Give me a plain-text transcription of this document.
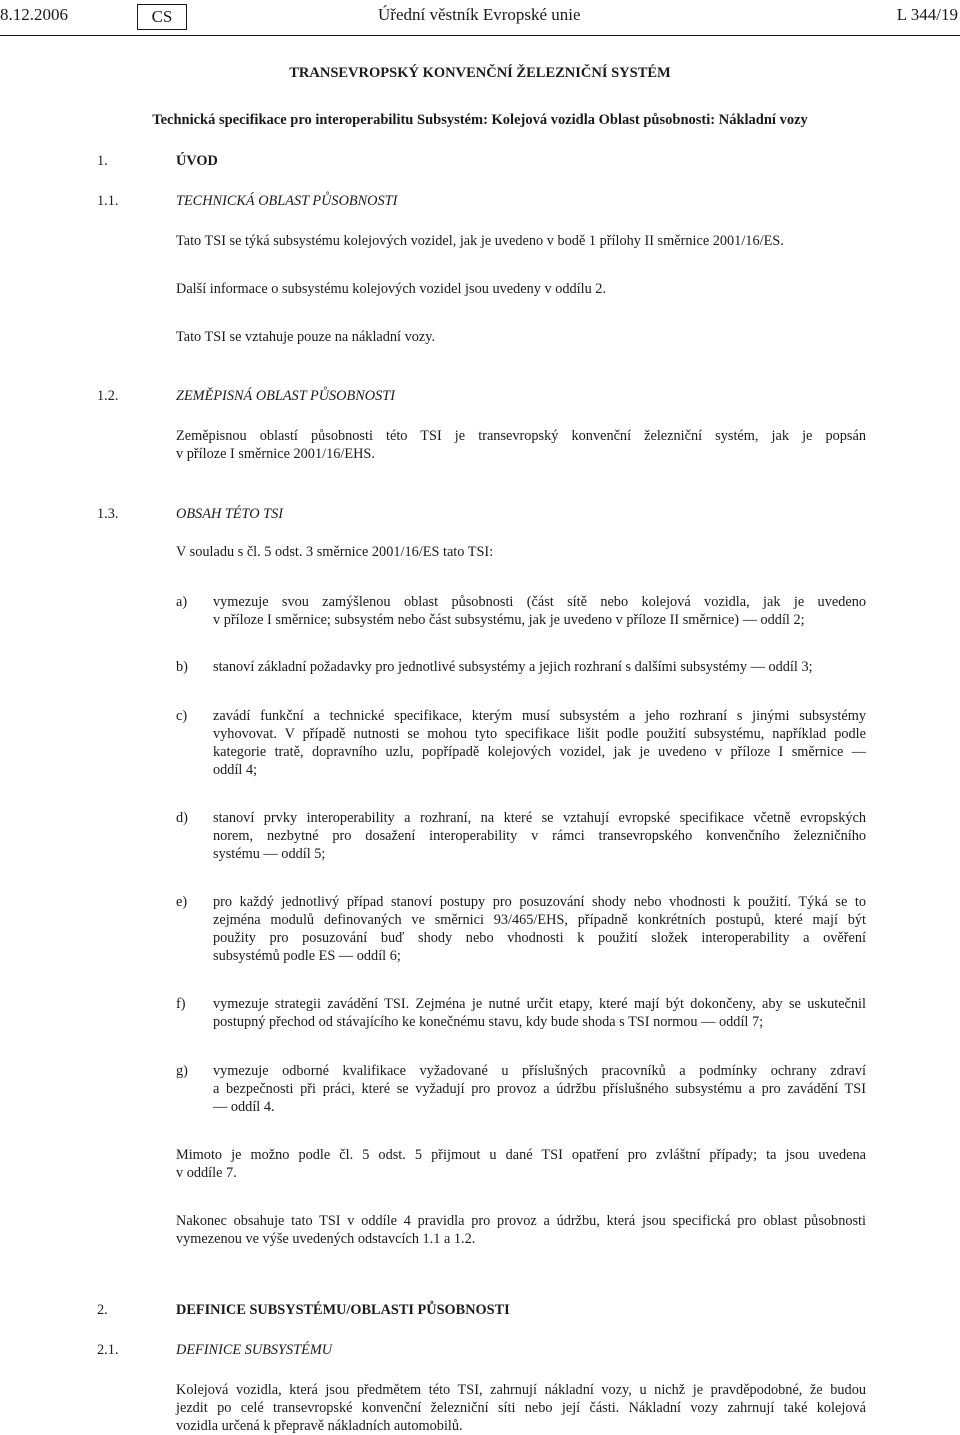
8.12.2006	CS	Úřední věstník Evropské unie	L 344/19
TRANSEVROPSKÝ KONVENČNÍ ŽELEZNIČNÍ SYSTÉM
Technická specifikace pro interoperabilitu Subsystém: Kolejová vozidla Oblast působnosti: Nákladní vozy
1.	ÚVOD
1.1.	TECHNICKÁ OBLAST PŮSOBNOSTI
Tato TSI se týká subsystému kolejových vozidel, jak je uvedeno v bodě 1 přílohy II směrnice 2001/16/ES.
Další informace o subsystému kolejových vozidel jsou uvedeny v oddílu 2.
Tato TSI se vztahuje pouze na nákladní vozy.
1.2.	ZEMĚPISNÁ OBLAST PŮSOBNOSTI
Zeměpisnou oblastí působnosti této TSI je transevropský konvenční železniční systém, jak je popsán
v příloze I směrnice 2001/16/EHS.
1.3.	OBSAH TÉTO TSI
V souladu s čl. 5 odst. 3 směrnice 2001/16/ES tato TSI:
a) vymezuje svou zamýšlenou oblast působnosti (část sítě nebo kolejová vozidla, jak je uvedeno
v příloze I směrnice; subsystém nebo část subsystému, jak je uvedeno v příloze II směrnice) — oddíl 2;
b) stanoví základní požadavky pro jednotlivé subsystémy a jejich rozhraní s dalšími subsystémy — oddíl 3;
c) zavádí funkční a technické specifikace, kterým musí subsystém a jeho rozhraní s jinými subsystémy
vyhovovat. V případě nutnosti se mohou tyto specifikace lišit podle použití subsystému, například podle
kategorie tratě, dopravního uzlu, popřípadě kolejových vozidel, jak je uvedeno v příloze I směrnice —
oddíl 4;
d) stanoví prvky interoperability a rozhraní, na které se vztahují evropské specifikace včetně evropských
norem, nezbytné pro dosažení interoperability v rámci transevropského konvenčního železničního
systému — oddíl 5;
e) pro každý jednotlivý případ stanoví postupy pro posuzování shody nebo vhodnosti k použití. Týká se to
zejména modulů definovaných ve směrnici 93/465/EHS, případně konkrétních postupů, které mají být
použity pro posuzování buď shody nebo vhodnosti k použití složek interoperability a ověření
subsystémů podle ES — oddíl 6;
f) vymezuje strategii zavádění TSI. Zejména je nutné určit etapy, které mají být dokončeny, aby se uskutečnil
postupný přechod od stávajícího ke konečnému stavu, kdy bude shoda s TSI normou — oddíl 7;
g) vymezuje odborné kvalifikace vyžadované u příslušných pracovníků a podmínky ochrany zdraví
a bezpečnosti při práci, které se vyžadují pro provoz a údržbu příslušného subsystému a pro zavádění TSI
— oddíl 4.
Mimoto je možno podle čl. 5 odst. 5 přijmout u dané TSI opatření pro zvláštní případy; ta jsou uvedena
v oddíle 7.
Nakonec obsahuje tato TSI v oddíle 4 pravidla pro provoz a údržbu, která jsou specifická pro oblast působnosti
vymezenou ve výše uvedených odstavcích 1.1 a 1.2.
2.	DEFINICE SUBSYSTÉMU/OBLASTI PŮSOBNOSTI
2.1.	DEFINICE SUBSYSTÉMU
Kolejová vozidla, která jsou předmětem této TSI, zahrnují nákladní vozy, u nichž je pravděpodobné, že budou
jezdit po celé transevropské konvenční železniční síti nebo její části. Nákladní vozy zahrnují také kolejová
vozidla určená k přepravě nákladních automobilů.
